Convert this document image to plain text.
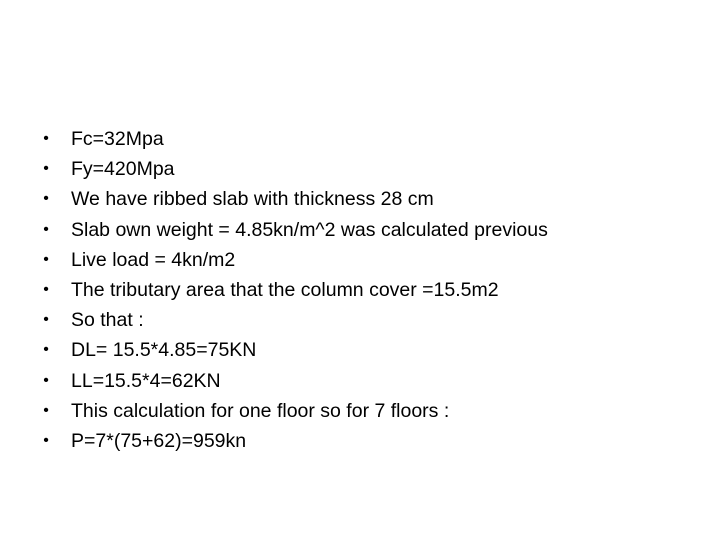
• Fc=32Mpa
• Fy=420Mpa
• We have ribbed slab with thickness 28 cm
• Slab own weight = 4.85kn/m^2 was calculated previous
• Live load = 4kn/m2
• The tributary area that the column cover =15.5m2
• So that :
• DL= 15.5*4.85=75KN
• LL=15.5*4=62KN
• This calculation for one floor so for 7 floors :
• P=7*(75+62)=959kn
